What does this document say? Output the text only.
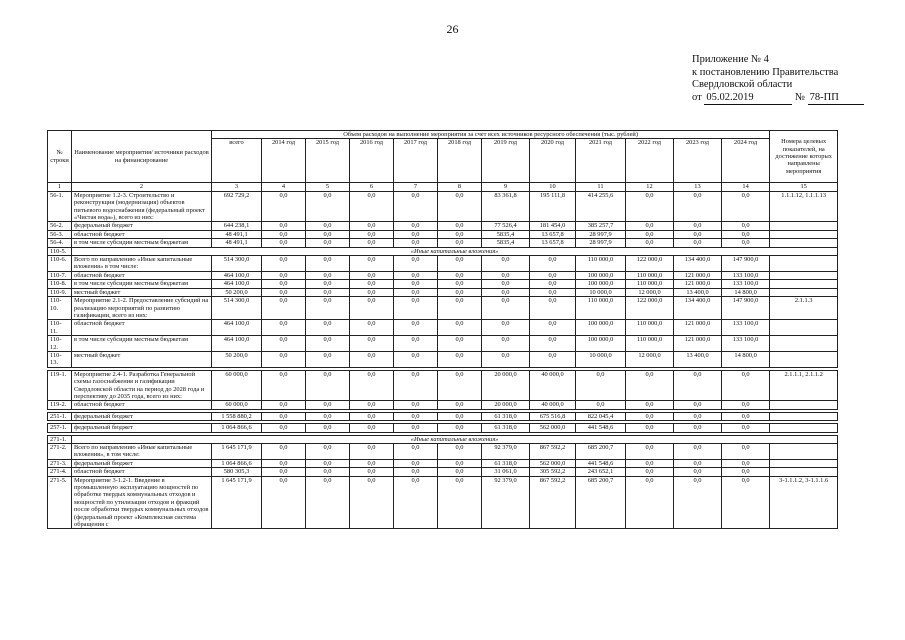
26
Приложение № 4
к постановлению Правительства
Свердловской области
от 05.02.2019	№ 78-ПП
№ строки	Наименование мероприятия/ источники расходов на финансирование	Объем расходов на выполнение мероприятия за счет всех источников ресурсного обеспечения (тыс. рублей)												Номера целевых показателей, на достижение которых направлены мероприятия
		всего	2014 год	2015 год	2016 год	2017 год	2018 год	2019 год	2020 год	2021 год	2022 год	2023 год	2024 год	
1	2	3	4	5	6	7	8	9	10	11	12	13	14	15
56-1.	Мероприятие 1.2-3. Строительство и реконструкция (модернизация) объектов питьевого водоснабжения (федеральный проект «Чистая вода»), всего из них:	692 729,2	0,0	0,0	0,0	0,0	0,0	83 361,8	195 111,8	414 255,6	0,0	0,0	0,0	1.1.1.12, 1.1.1.13
56-2.	федеральный бюджет	644 238,1	0,0	0,0	0,0	0,0	0,0	77 526,4	181 454,0	385 257,7	0,0	0,0	0,0	
56-3.	областной бюджет	48 491,1	0,0	0,0	0,0	0,0	0,0	5835,4	13 657,8	28 997,9	0,0	0,0	0,0	
56-4.	в том числе субсидии местным бюджетам	48 491,1	0,0	0,0	0,0	0,0	0,0	5835,4	13 657,8	28 997,9	0,0	0,0	0,0	
110-5.	«Иные капитальные вложения»													
110-6.	Всего по направлению «Иные капитальные вложения» в том числе:	514 300,0	0,0	0,0	0,0	0,0	0,0	0,0	0,0	110 000,0	122 000,0	134 400,0	147 900,0	
110-7.	областной бюджет	464 100,0	0,0	0,0	0,0	0,0	0,0	0,0	0,0	100 000,0	110 000,0	121 000,0	133 100,0	
110-8.	в том числе субсидии местным бюджетам	464 100,0	0,0	0,0	0,0	0,0	0,0	0,0	0,0	100 000,0	110 000,0	121 000,0	133 100,0	
110-9.	местный бюджет	50 200,0	0,0	0,0	0,0	0,0	0,0	0,0	0,0	10 000,0	12 000,0	13 400,0	14 800,0	
110-10.	Мероприятие 2.1-2. Предоставление субсидий на реализацию мероприятий по развитию газификации, всего из них:	514 300,0	0,0	0,0	0,0	0,0	0,0	0,0	0,0	110 000,0	122 000,0	134 400,0	147 900,0	2.1.1.3
110-11.	областной бюджет	464 100,0	0,0	0,0	0,0	0,0	0,0	0,0	0,0	100 000,0	110 000,0	121 000,0	133 100,0	
110-12.	в том числе субсидии местным бюджетам	464 100,0	0,0	0,0	0,0	0,0	0,0	0,0	0,0	100 000,0	110 000,0	121 000,0	133 100,0	
110-13.	местный бюджет	50 200,0	0,0	0,0	0,0	0,0	0,0	0,0	0,0	10 000,0	12 000,0	13 400,0	14 800,0	

119-1.	Мероприятие 2.4-1. Разработка Генеральной схемы газоснабжения и газификации Свердловской области на период до 2028 года и перспективу до 2035 года, всего из них:	60 000,0	0,0	0,0	0,0	0,0	0,0	20 000,0	40 000,0	0,0	0,0	0,0	0,0	2.1.1.1, 2.1.1.2
119-2.	областной бюджет	60 000,0	0,0	0,0	0,0	0,0	0,0	20 000,0	40 000,0	0,0	0,0	0,0	0,0	

251-1.	федеральный бюджет	1 558 880,2	0,0	0,0	0,0	0,0	0,0	61 318,0	675 516,8	822 045,4	0,0	0,0	0,0	

257-1.	федеральный бюджет	1 064 866,6	0,0	0,0	0,0	0,0	0,0	61 318,0	562 000,0	441 548,6	0,0	0,0	0,0	

271-1.	«Иные капитальные вложения»													
271-2.	Всего по направлению «Иные капитальные вложения», в том числе:	1 645 171,9	0,0	0,0	0,0	0,0	0,0	92 379,0	867 592,2	685 200,7	0,0	0,0	0,0	
271-3.	федеральный бюджет	1 064 866,6	0,0	0,0	0,0	0,0	0,0	61 318,0	562 000,0	441 548,6	0,0	0,0	0,0	
271-4.	областной бюджет	580 305,3	0,0	0,0	0,0	0,0	0,0	31 061,0	305 592,2	243 652,1	0,0	0,0	0,0	
271-5.	Мероприятие 3-1.2-1. Введение в промышленную эксплуатацию мощностей по обработке твердых коммунальных отходов и мощностей по утилизации отходов и фракций после обработки твердых коммунальных отходов (федеральный проект «Комплексная система обращения с	1 645 171,9	0,0	0,0	0,0	0,0	0,0	92 379,0	867 592,2	685 200,7	0,0	0,0	0,0	3-1.1.1.2, 3-1.1.1.6
